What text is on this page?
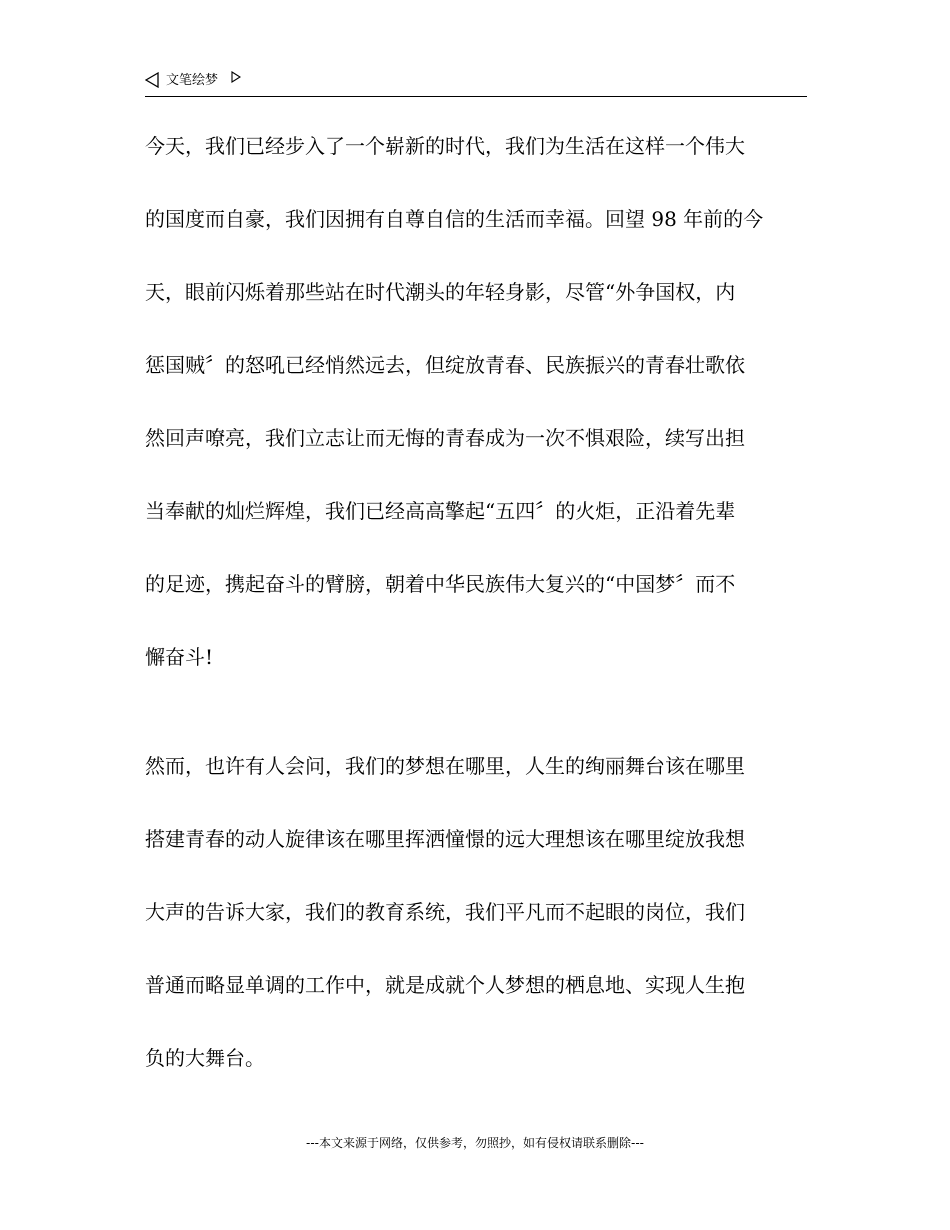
文笔绘梦
今天，我们已经步入了一个崭新的时代，我们为生活在这样一个伟大
的国度而自豪，我们因拥有自尊自信的生活而幸福。回望 98 年前的今
天，眼前闪烁着那些站在时代潮头的年轻身影，尽管“外争国权，内
惩国贼〞的怒吼已经悄然远去，但绽放青春、民族振兴的青春壮歌依
然回声嘹亮，我们立志让而无悔的青春成为一次不惧艰险，续写出担
当奉献的灿烂辉煌，我们已经高高擎起“五四〞的火炬，正沿着先辈
的足迹，携起奋斗的臂膀，朝着中华民族伟大复兴的“中国梦〞而不
懈奋斗!
然而，也许有人会问，我们的梦想在哪里，人生的绚丽舞台该在哪里
搭建青春的动人旋律该在哪里挥洒憧憬的远大理想该在哪里绽放我想
大声的告诉大家，我们的教育系统，我们平凡而不起眼的岗位，我们
普通而略显单调的工作中，就是成就个人梦想的栖息地、实现人生抱
负的大舞台。
---本文来源于网络，仅供参考，勿照抄，如有侵权请联系删除---
